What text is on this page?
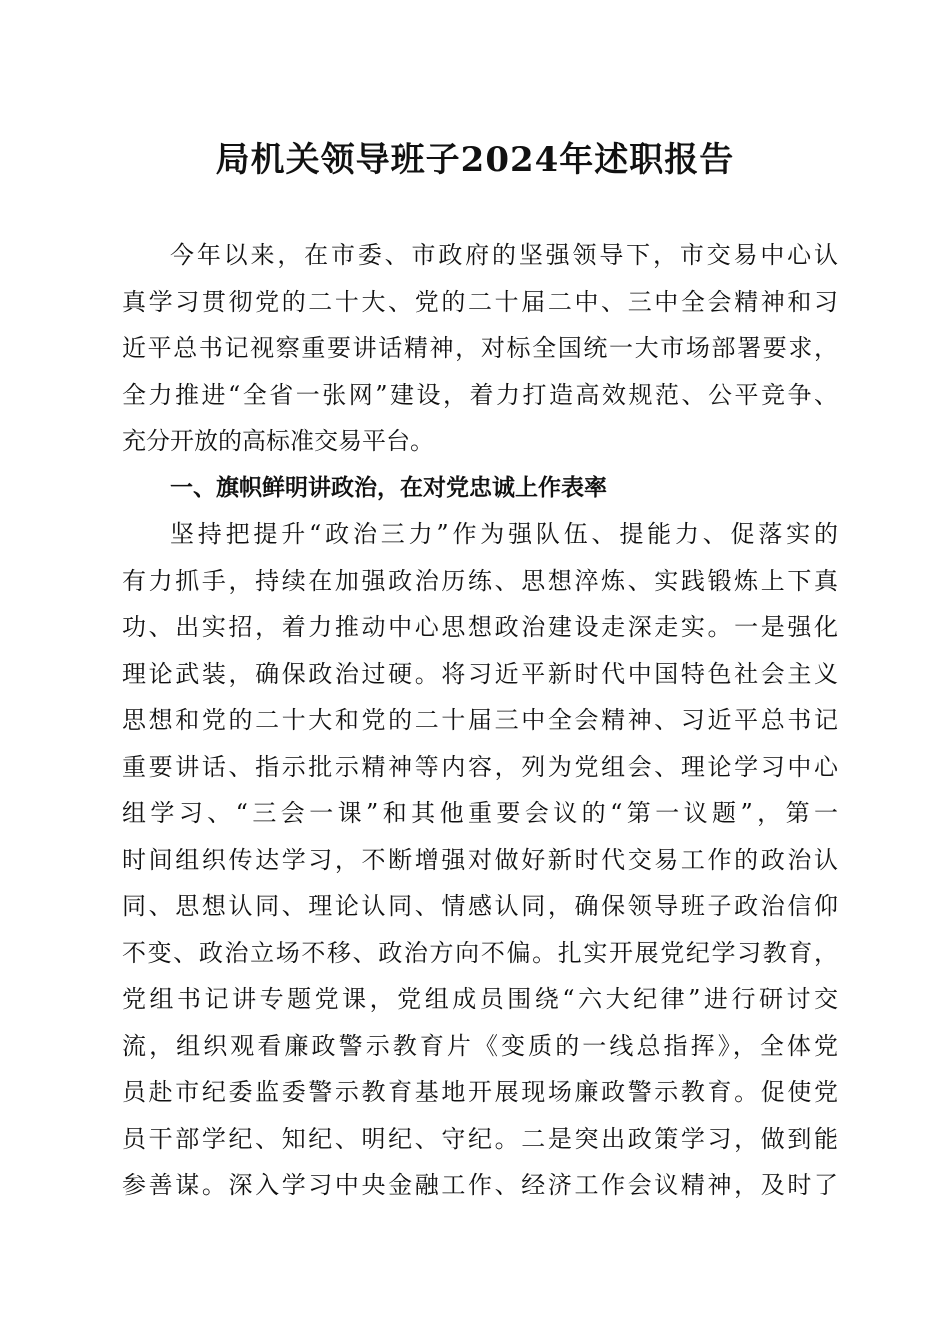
局机关领导班子2024年述职报告
今年以来，在市委、市政府的坚强领导下，市交易中心认
真学习贯彻党的二十大、党的二十届二中、三中全会精神和习
近平总书记视察重要讲话精神，对标全国统一大市场部署要求，
全力推进“全省一张网”建设，着力打造高效规范、公平竞争、
充分开放的高标准交易平台。
一、旗帜鲜明讲政治，在对党忠诚上作表率
坚持把提升“政治三力”作为强队伍、提能力、促落实的
有力抓手，持续在加强政治历练、思想淬炼、实践锻炼上下真
功、出实招，着力推动中心思想政治建设走深走实。一是强化
理论武装，确保政治过硬。将习近平新时代中国特色社会主义
思想和党的二十大和党的二十届三中全会精神、习近平总书记
重要讲话、指示批示精神等内容，列为党组会、理论学习中心
组学习、“三会一课”和其他重要会议的“第一议题”，第一
时间组织传达学习，不断增强对做好新时代交易工作的政治认
同、思想认同、理论认同、情感认同，确保领导班子政治信仰
不变、政治立场不移、政治方向不偏。扎实开展党纪学习教育，
党组书记讲专题党课，党组成员围绕“六大纪律”进行研讨交
流，组织观看廉政警示教育片《变质的一线总指挥》，全体党
员赴市纪委监委警示教育基地开展现场廉政警示教育。促使党
员干部学纪、知纪、明纪、守纪。二是突出政策学习，做到能
参善谋。深入学习中央金融工作、经济工作会议精神，及时了
